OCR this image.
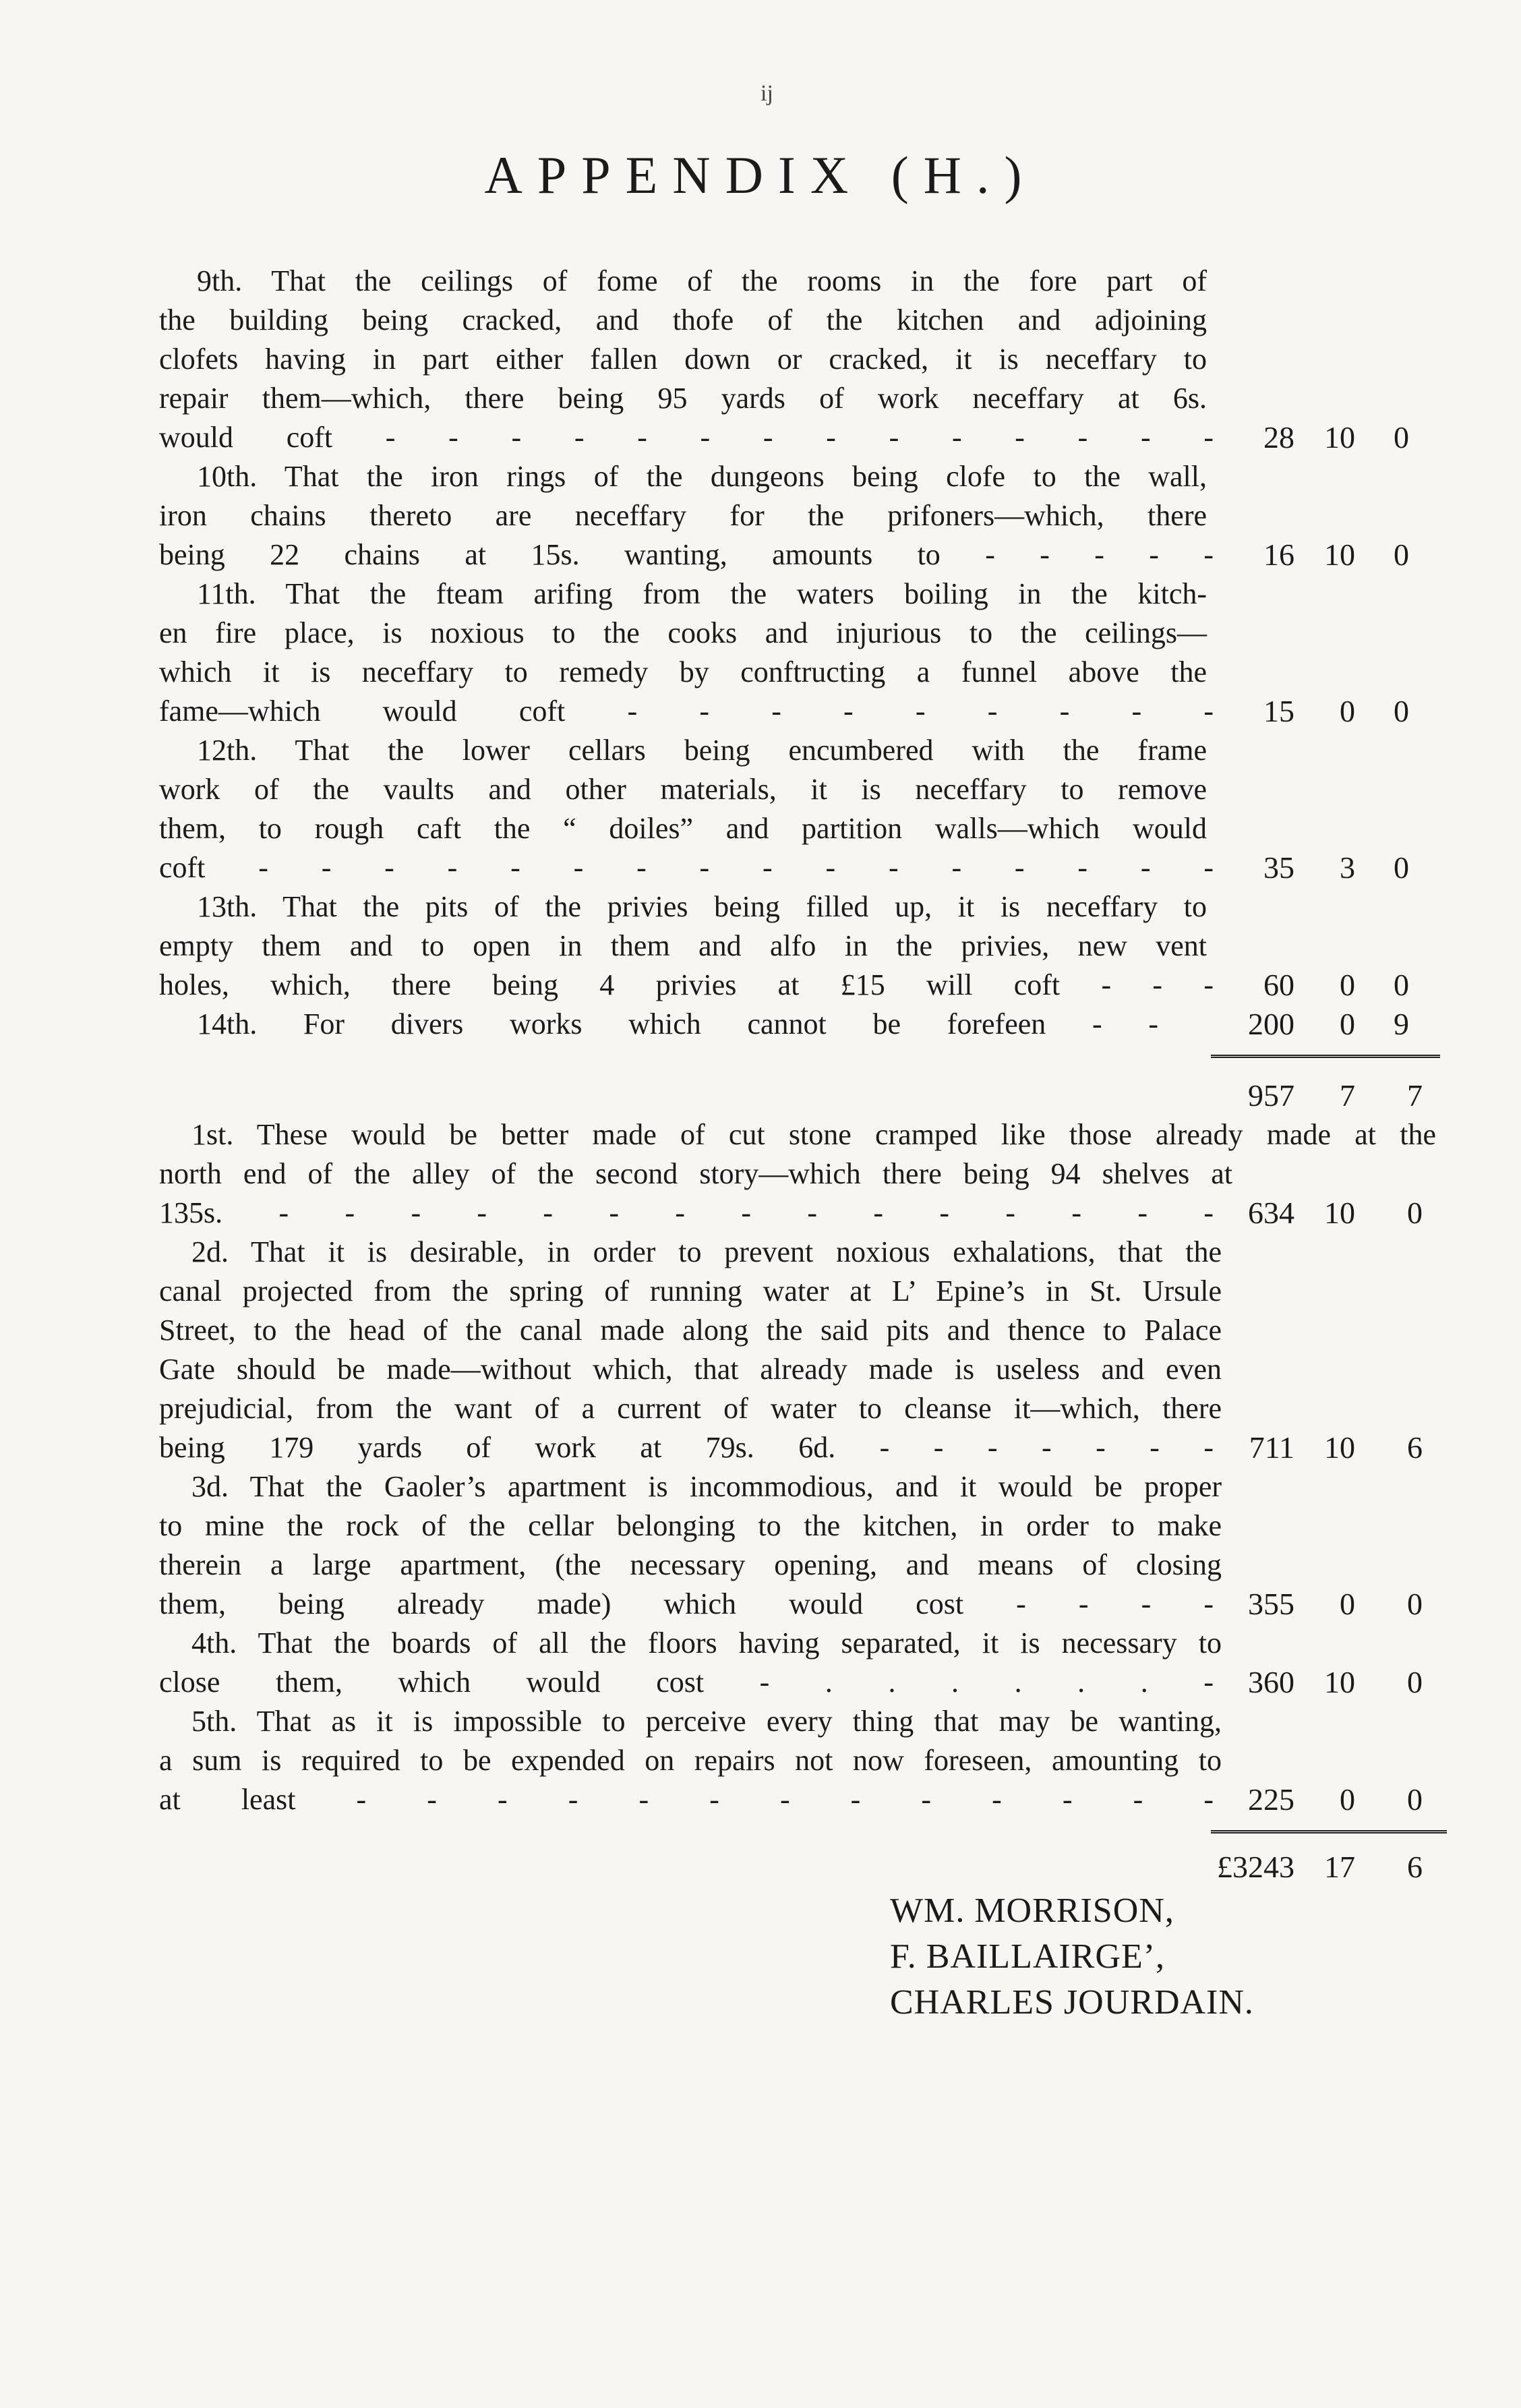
ij
APPENDIX (H.)
9th. That the ceilings of fome of the rooms in the fore part of
the building being cracked, and thofe of the kitchen and adjoining
clofets having in part either fallen down or cracked, it is neceffary to
repair them—which, there being 95 yards of work neceffary at 6s.
would coft - - - - - - - - - - - - - -	28 10	0
10th. That the iron rings of the dungeons being clofe to the wall,
iron chains thereto are neceffary for the prifoners—which, there
being 22 chains at 15s. wanting, amounts to - - - - -	16 10	0
11th. That the fteam arifing from the waters boiling in the kitch-
en fire place, is noxious to the cooks and injurious to the ceilings—
which it is neceffary to remedy by conftructing a funnel above the
fame—which would coft - - - - - - - - -	15	0	0
12th. That the lower cellars being encumbered with the frame
work of the vaults and other materials, it is neceffary to remove
them, to rough caft the “ doiles” and partition walls—which would
coft - - - - - - - - - - - - - - - -	35	3	0
13th. That the pits of the privies being filled up, it is neceffary to
empty them and to open in them and alfo in the privies, new vent
holes, which, there being 4 privies at £15 will coft - - -	60	0	0
14th. For divers works which cannot be forefeen - -	200	0	9
957	7	7
1st. These would be better made of cut stone cramped like those already made at the
north end of the alley of the second story—which there being 94 shelves at
135s. - - - - - - - - - - - - - - -	634 10	0
2d. That it is desirable, in order to prevent noxious exhalations, that the
canal projected from the spring of running water at L’ Epine’s in St. Ursule
Street, to the head of the canal made along the said pits and thence to Palace
Gate should be made—without which, that already made is useless and even
prejudicial, from the want of a current of water to cleanse it—which, there
being 179 yards of work at 79s. 6d. - - - - - - -	711 10	6
3d. That the Gaoler’s apartment is incommodious, and it would be proper
to mine the rock of the cellar belonging to the kitchen, in order to make
therein a large apartment, (the necessary opening, and means of closing
them, being already made) which would cost - - - -	355	0	0
4th. That the boards of all the floors having separated, it is necessary to
close them, which would cost - . . . . . . -	360 10	0
5th. That as it is impossible to perceive every thing that may be wanting,
a sum is required to be expended on repairs not now foreseen, amounting to
at least - - - - - - - - - - - - -	225	0	0
£3243 17	6
WM. MORRISON,
F. BAILLAIRGE’,
CHARLES JOURDAIN.
